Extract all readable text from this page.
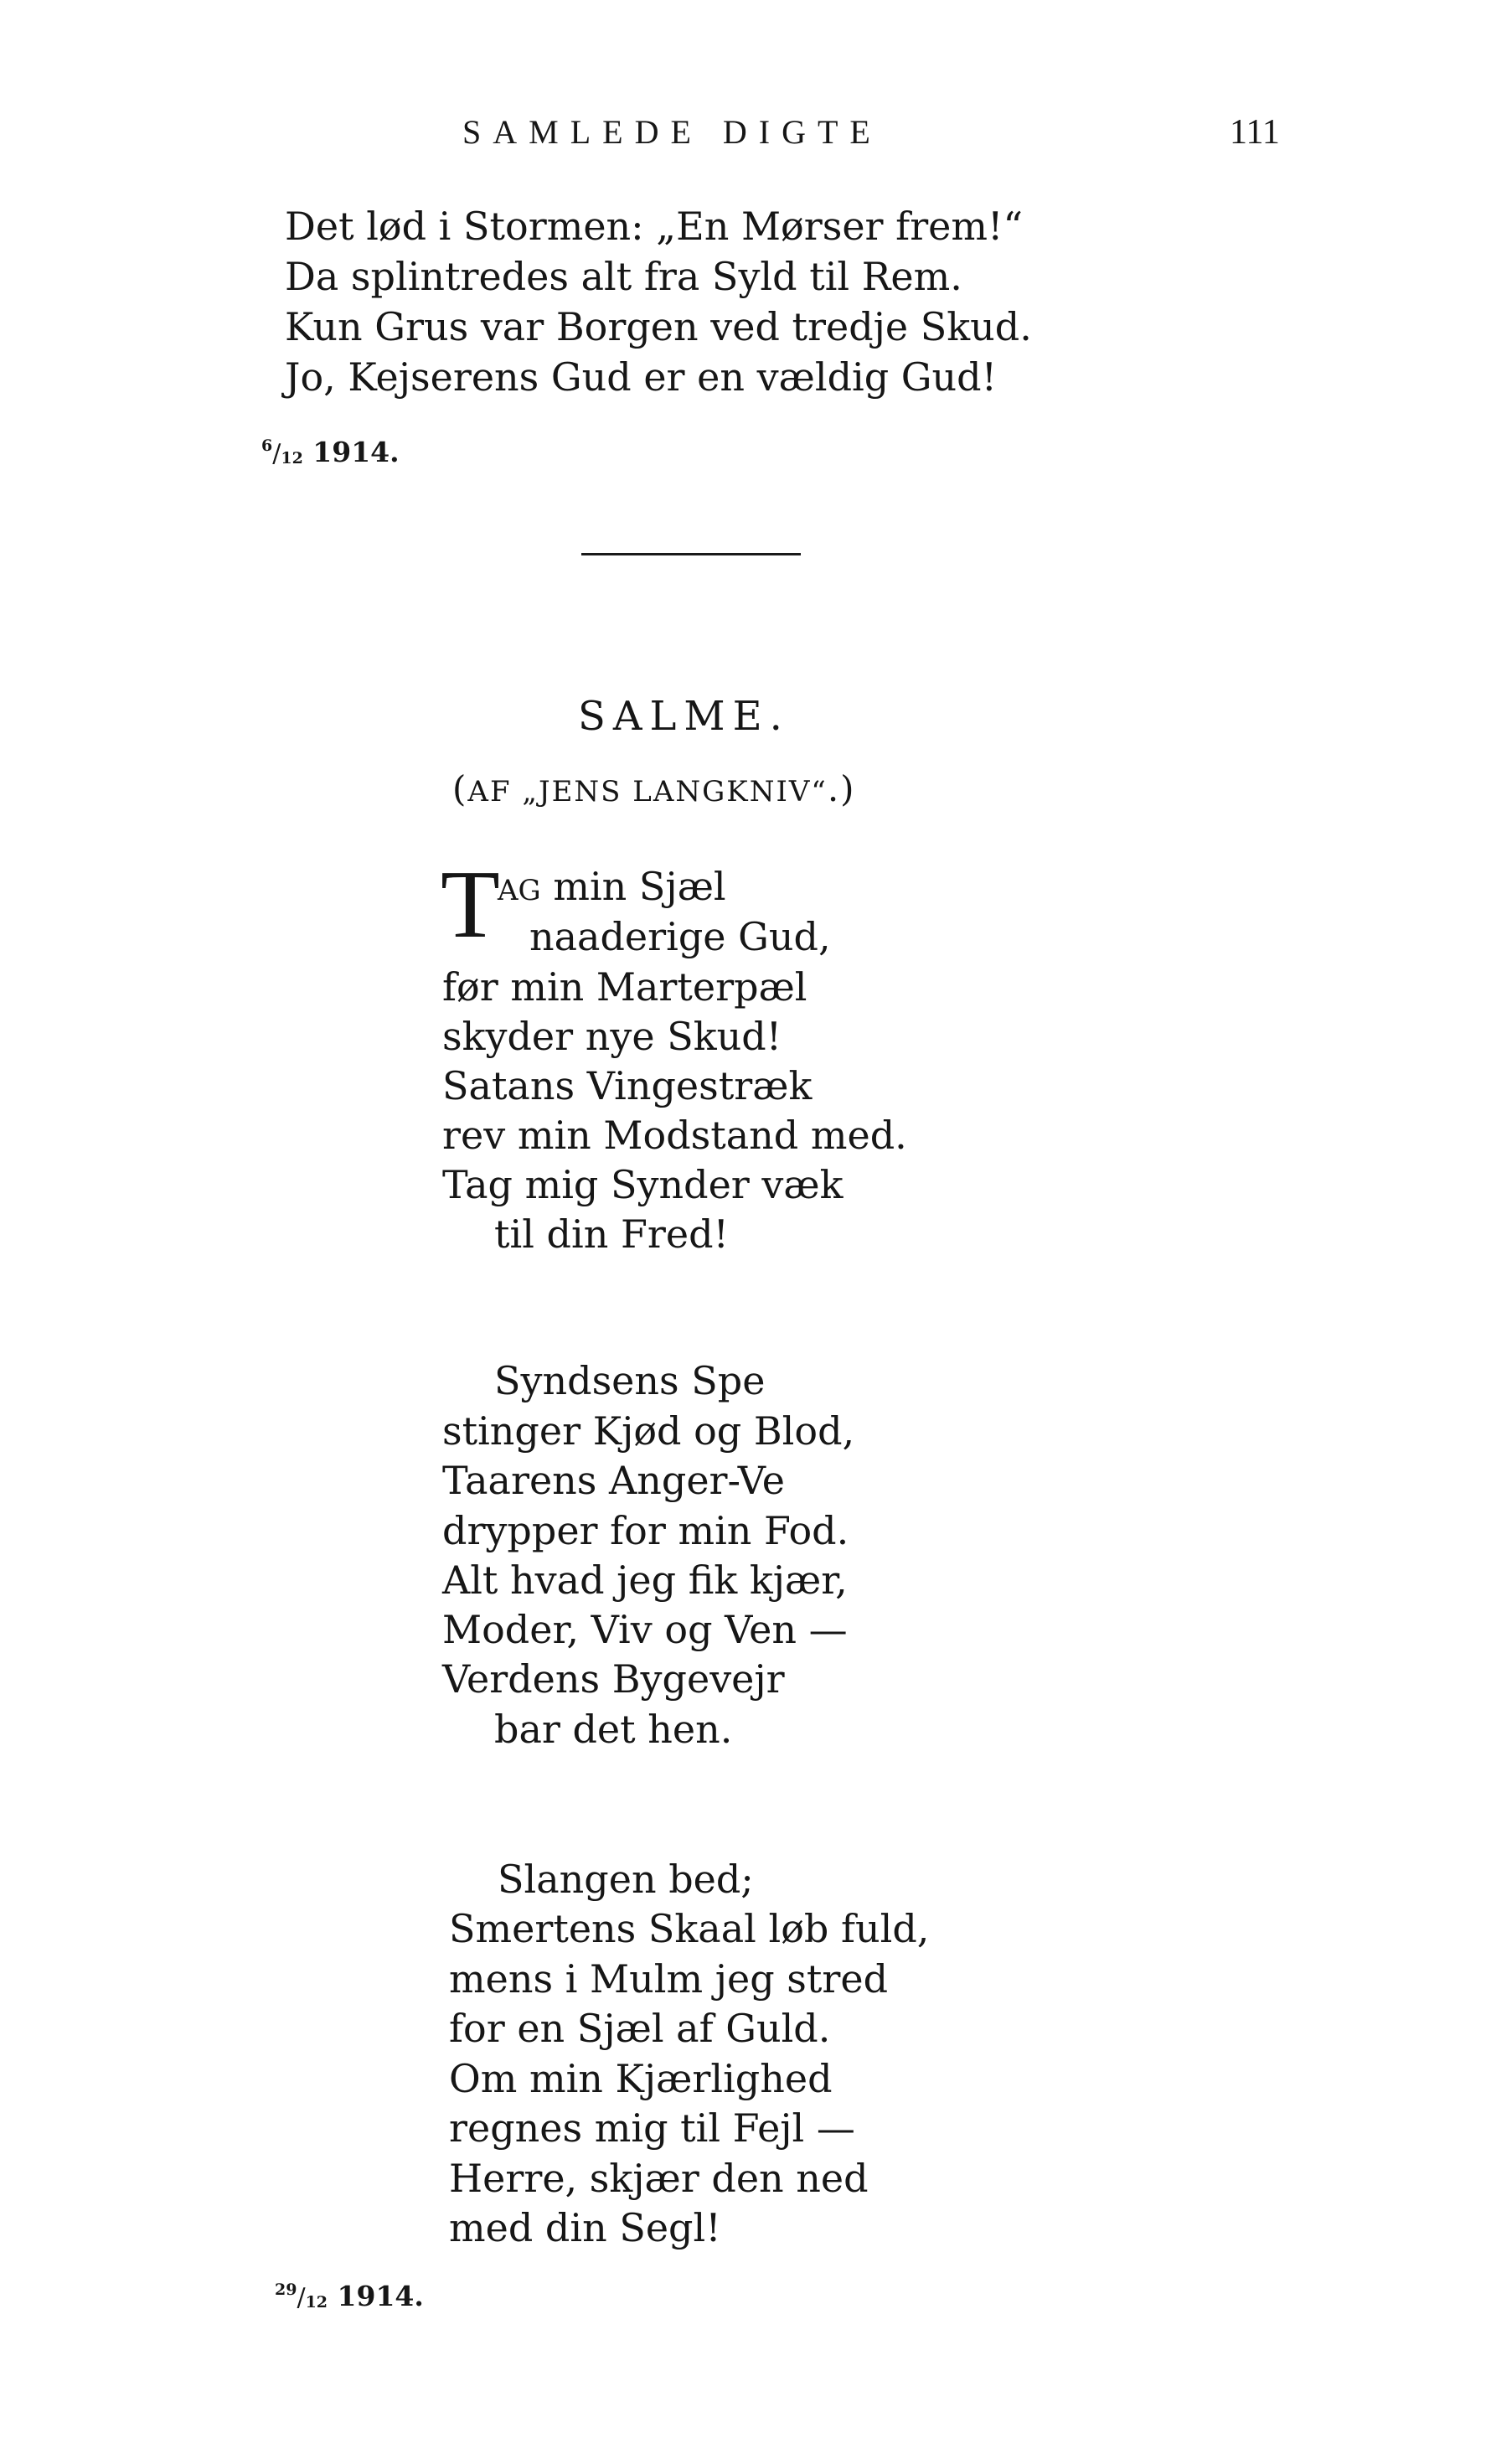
SAMLEDE DIGTE	111
Det lød i Stormen: „En Mørser frem!“
Da splintredes alt fra Syld til Rem.
Kun Grus var Borgen ved tredje Skud.
Jo, Kejserens Gud er en vældig Gud!
$^6/_{12}$ 1914.
SALME.
(AF „JENS LANGKNIV“.)
T
AG min Sjæl
naaderige Gud,
før min Marterpæl
skyder nye Skud!
Satans Vingestræk
rev min Modstand med.
Tag mig Synder væk
til din Fred!
Syndsens Spe
stinger Kjød og Blod,
Taarens Anger-Ve
drypper for min Fod.
Alt hvad jeg fik kjær,
Moder, Viv og Ven —
Verdens Bygevejr
bar det hen.
Slangen bed;
Smertens Skaal løb fuld,
mens i Mulm jeg stred
for en Sjæl af Guld.
Om min Kjærlighed
regnes mig til Fejl —
Herre, skjær den ned
med din Segl!
$^{29}/_{12}$ 1914.
